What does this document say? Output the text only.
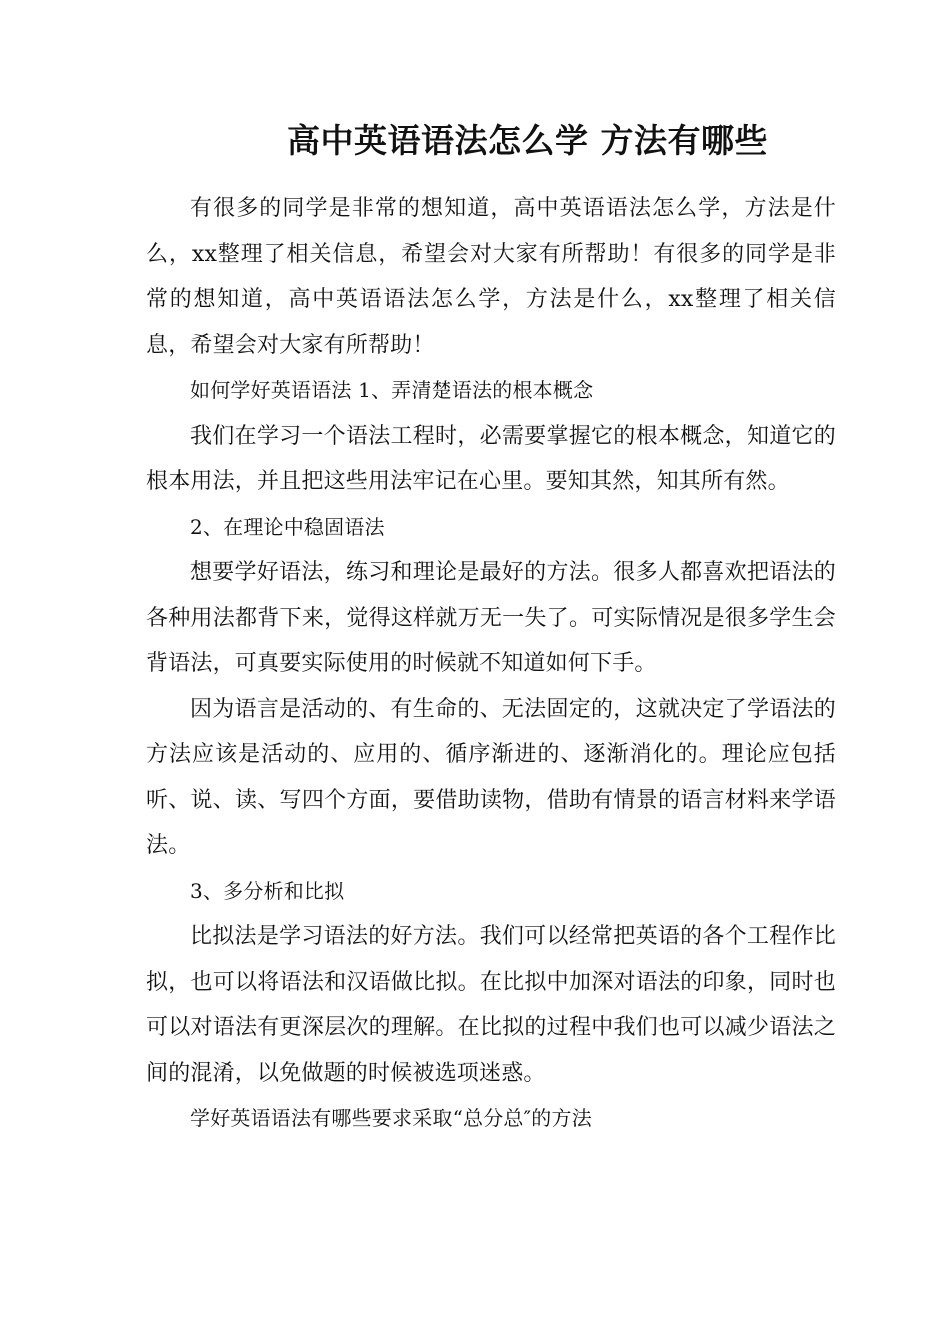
高中英语语法怎么学 方法有哪些

有很多的同学是非常的想知道，高中英语语法怎么学，方法是什么，xx整理了相关信息，希望会对大家有所帮助！有很多的同学是非常的想知道，高中英语语法怎么学，方法是什么，xx整理了相关信息，希望会对大家有所帮助！

如何学好英语语法 1、弄清楚语法的根本概念

我们在学习一个语法工程时，必需要掌握它的根本概念，知道它的根本用法，并且把这些用法牢记在心里。要知其然，知其所有然。

2、在理论中稳固语法

想要学好语法，练习和理论是最好的方法。很多人都喜欢把语法的各种用法都背下来，觉得这样就万无一失了。可实际情况是很多学生会背语法，可真要实际使用的时候就不知道如何下手。

因为语言是活动的、有生命的、无法固定的，这就决定了学语法的方法应该是活动的、应用的、循序渐进的、逐渐消化的。理论应包括听、说、读、写四个方面，要借助读物，借助有情景的语言材料来学语法。

3、多分析和比拟

比拟法是学习语法的好方法。我们可以经常把英语的各个工程作比拟，也可以将语法和汉语做比拟。在比拟中加深对语法的印象，同时也可以对语法有更深层次的理解。在比拟的过程中我们也可以减少语法之间的混淆，以免做题的时候被选项迷惑。

学好英语语法有哪些要求采取“总分总″的方法
